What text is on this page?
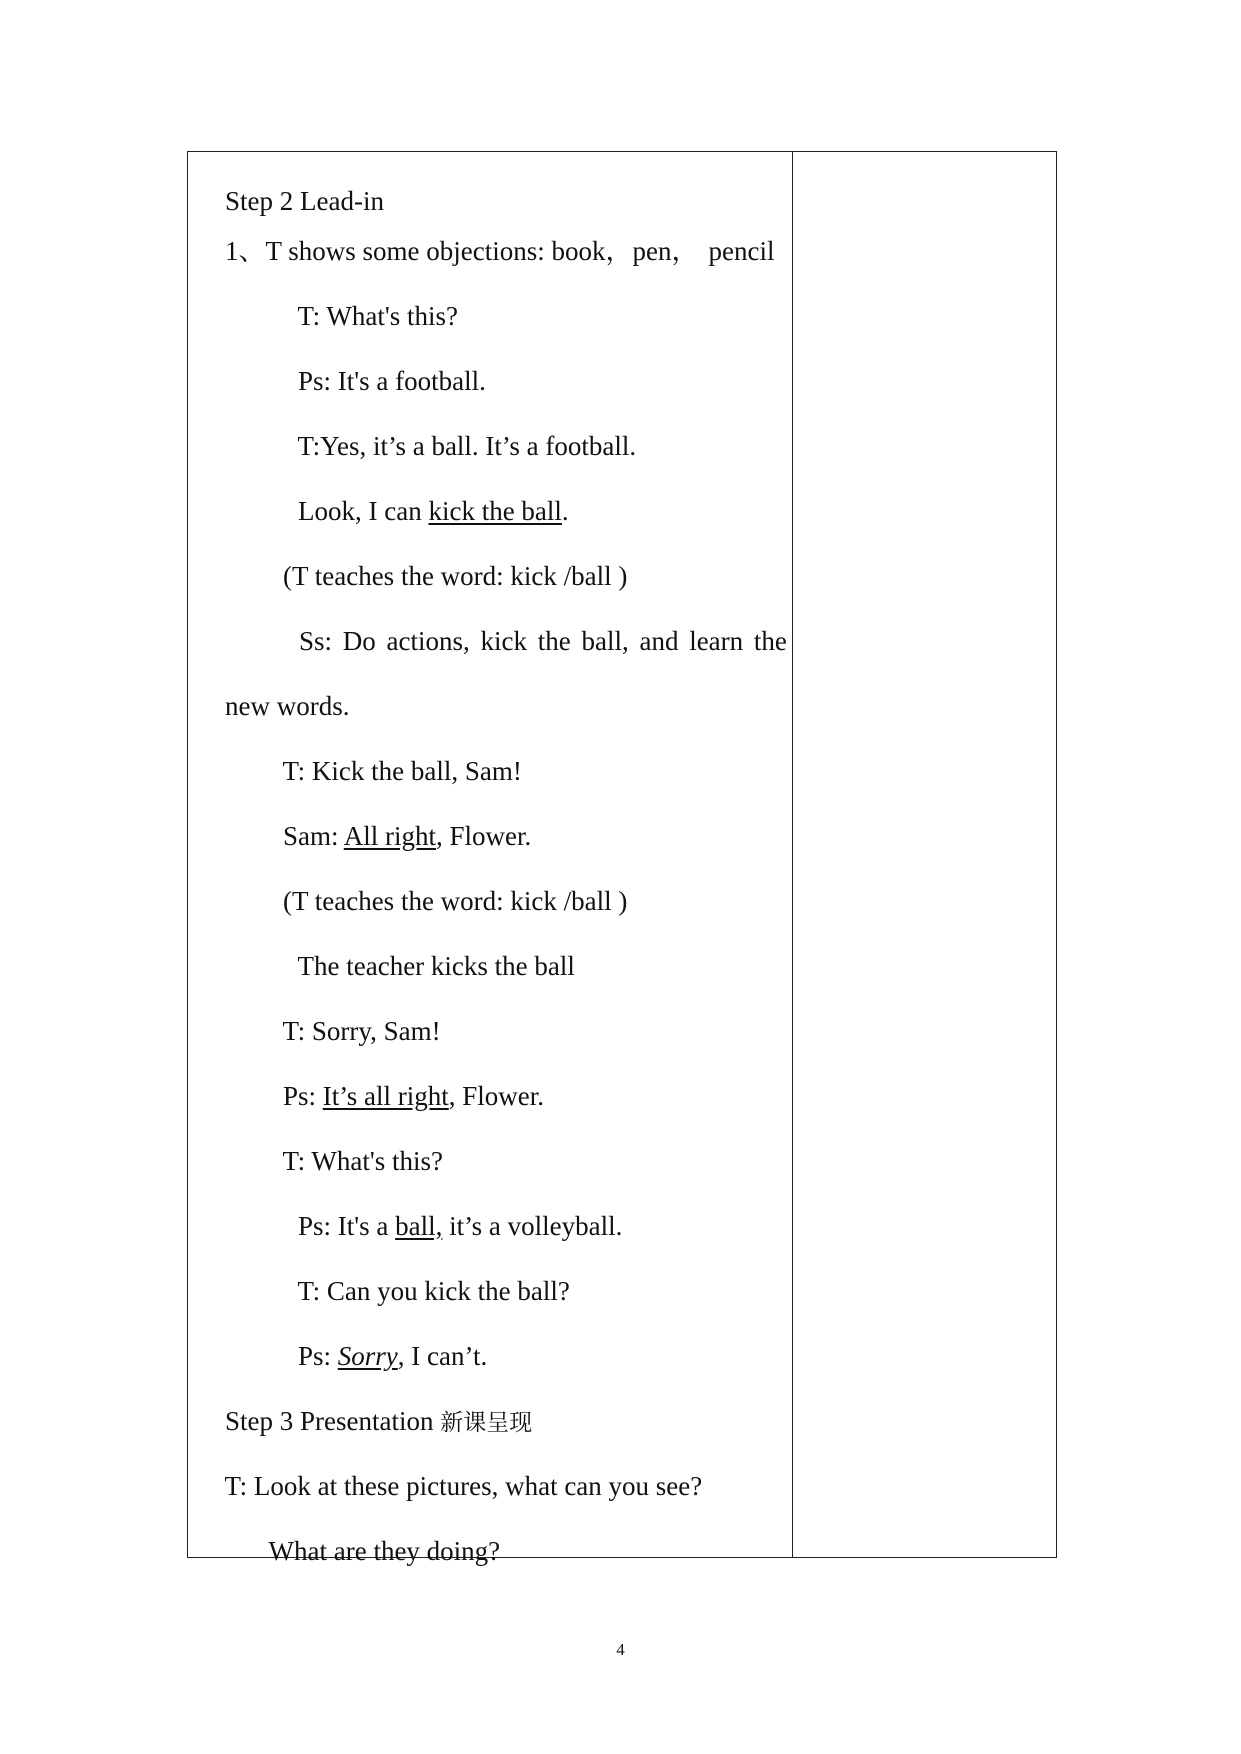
Step 2 Lead-in

1、T shows some objections: book，pen， pencil

T: What's this?

Ps: It's a football.

T:Yes, it’s a ball. It’s a football.

Look, I can kick the ball.

(T teaches the word: kick /ball )

Ss: Do actions, kick the ball, and learn the

new words.

T: Kick the ball, Sam!

Sam: All right, Flower.

(T teaches the word: kick /ball )

The teacher kicks the ball

T: Sorry, Sam!

Ps: It’s all right, Flower.

T: What's this?

Ps: It's a ball, it’s a volleyball.

T: Can you kick the ball?

Ps: Sorry, I can’t.

Step 3 Presentation 新课呈现

T: Look at these pictures, what can you see?

What are they doing?

4
